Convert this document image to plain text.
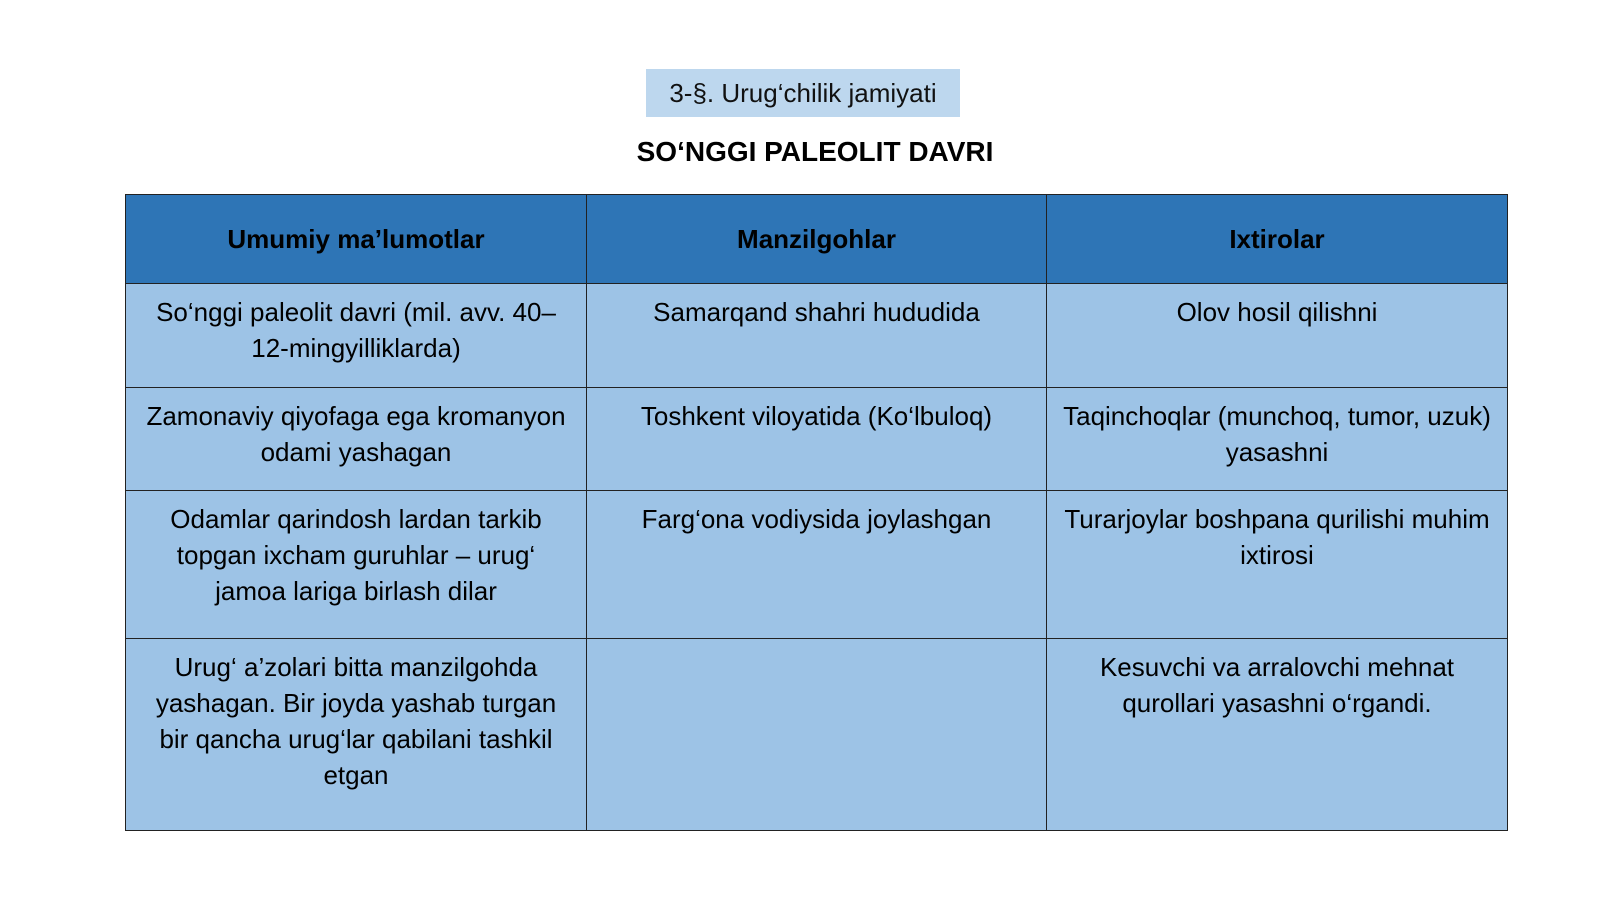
3-§. Urug‘chilik jamiyati
SO‘NGGI PALEOLIT DAVRI
Umumiy ma’lumotlar	Manzilgohlar	Ixtirolar
So‘nggi paleolit davri (mil. avv. 40–12-mingyilliklarda)	Samarqand shahri hududida	Olov hosil qilishni
Zamonaviy qiyofaga ega kromanyon odami yashagan	Toshkent viloyatida (Ko‘lbuloq)	Taqinchoqlar (munchoq, tumor, uzuk) yasashni
Odamlar qarindosh lardan tarkib topgan ixcham guruhlar – urug‘ jamoa lariga birlash dilar	Farg‘ona vodiysida joylashgan	Turarjoylar boshpana qurilishi muhim ixtirosi
Urug‘ a’zolari bitta manzilgohda yashagan. Bir joyda yashab turgan bir qancha urug‘lar qabilani tashkil etgan		Kesuvchi va arralovchi mehnat qurollari yasashni o‘rgandi.
